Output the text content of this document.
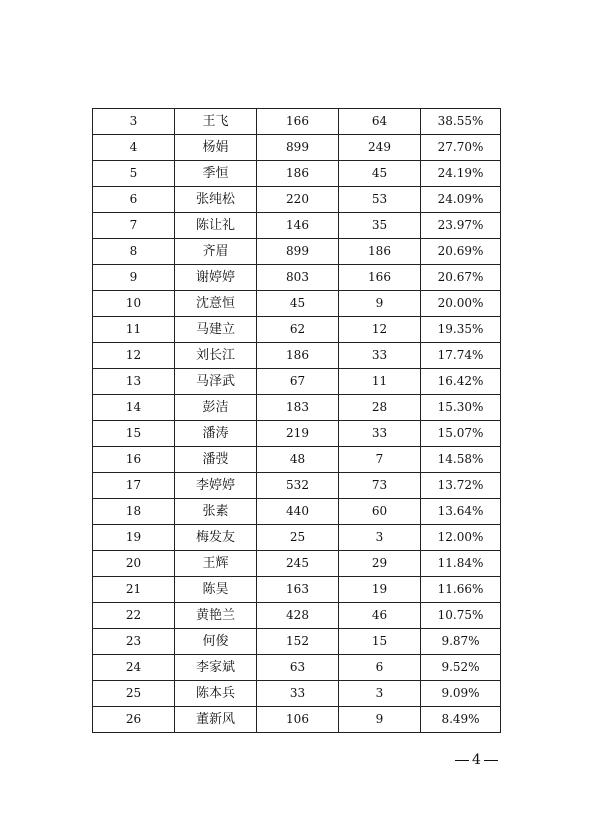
3	王飞	166	64	38.55%
4	杨娟	899	249	27.70%
5	季恒	186	45	24.19%
6	张纯松	220	53	24.09%
7	陈让礼	146	35	23.97%
8	齐眉	899	186	20.69%
9	谢婷婷	803	166	20.67%
10	沈意恒	45	9	20.00%
11	马建立	62	12	19.35%
12	刘长江	186	33	17.74%
13	马泽武	67	11	16.42%
14	彭洁	183	28	15.30%
15	潘涛	219	33	15.07%
16	潘弢	48	7	14.58%
17	李婷婷	532	73	13.72%
18	张素	440	60	13.64%
19	梅发友	25	3	12.00%
20	王辉	245	29	11.84%
21	陈昊	163	19	11.66%
22	黄艳兰	428	46	10.75%
23	何俊	152	15	9.87%
24	李家斌	63	6	9.52%
25	陈本兵	33	3	9.09%
26	董新风	106	9	8.49%
4
